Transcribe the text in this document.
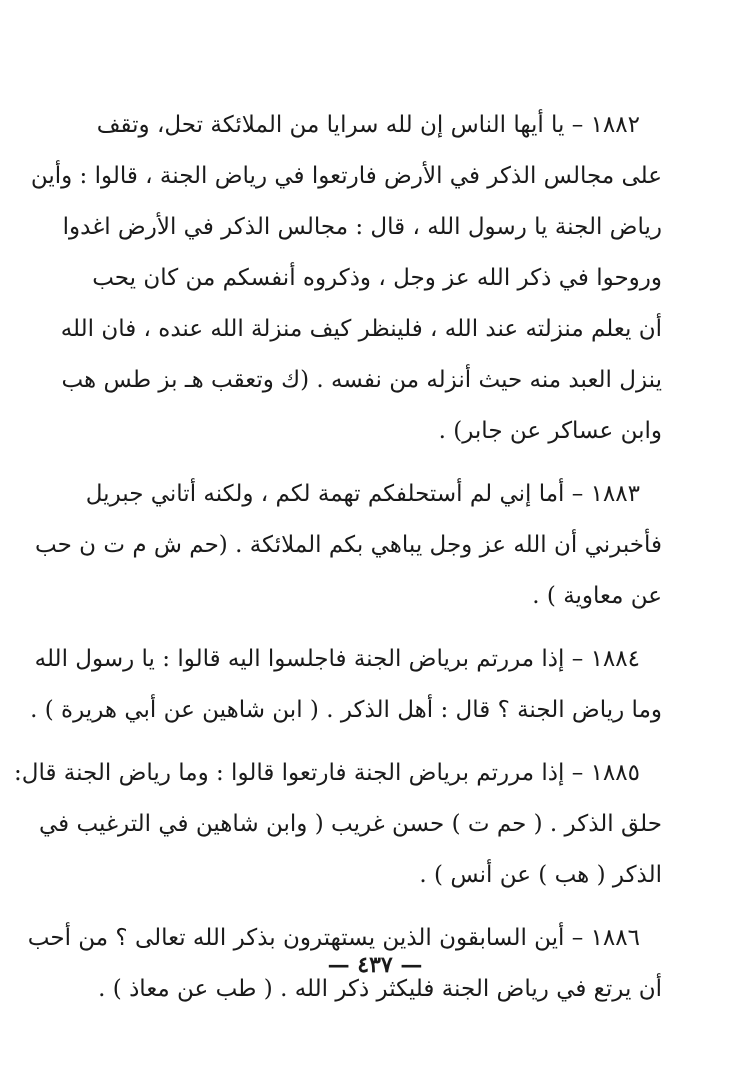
١٨٨٢ – يا أيها الناس إن لله سرايا من الملائكة تحل، وتقف
على مجالس الذكر في الأرض فارتعوا في رياض الجنة ، قالوا : وأين
رياض الجنة يا رسول الله ، قال : مجالس الذكر في الأرض اغدوا
وروحوا في ذكر الله عز وجل ، وذكروه أنفسكم من كان يحب
أن يعلم منزلته عند الله ، فلينظر كيف منزلة الله عنده ، فان الله
ينزل العبد منه حيث أنزله من نفسه . (ك وتعقب هـ بز طس هب
وابن عساكر عن جابر) .
١٨٨٣ – أما إني لم أستحلفكم تهمة لكم ، ولكنه أتاني جبريل
فأخبرني أن الله عز وجل يباهي بكم الملائكة . (حم ش م ت ن حب
عن معاوية ) .
١٨٨٤ – إذا مررتم برياض الجنة فاجلسوا اليه قالوا : يا رسول الله
وما رياض الجنة ؟ قال : أهل الذكر . ( ابن شاهين عن أبي هريرة ) .
١٨٨٥ – إذا مررتم برياض الجنة فارتعوا قالوا : وما رياض الجنة قال:
حلق الذكر . ( حم ت ) حسن غريب ( وابن شاهين في الترغيب في
الذكر ( هب ) عن أنس ) .
١٨٨٦ – أين السابقون الذين يستهترون بذكر الله تعالى ؟ من أحب
أن يرتع في رياض الجنة فليكثر ذكر الله . ( طب عن معاذ ) .
— ٤٣٧ —
